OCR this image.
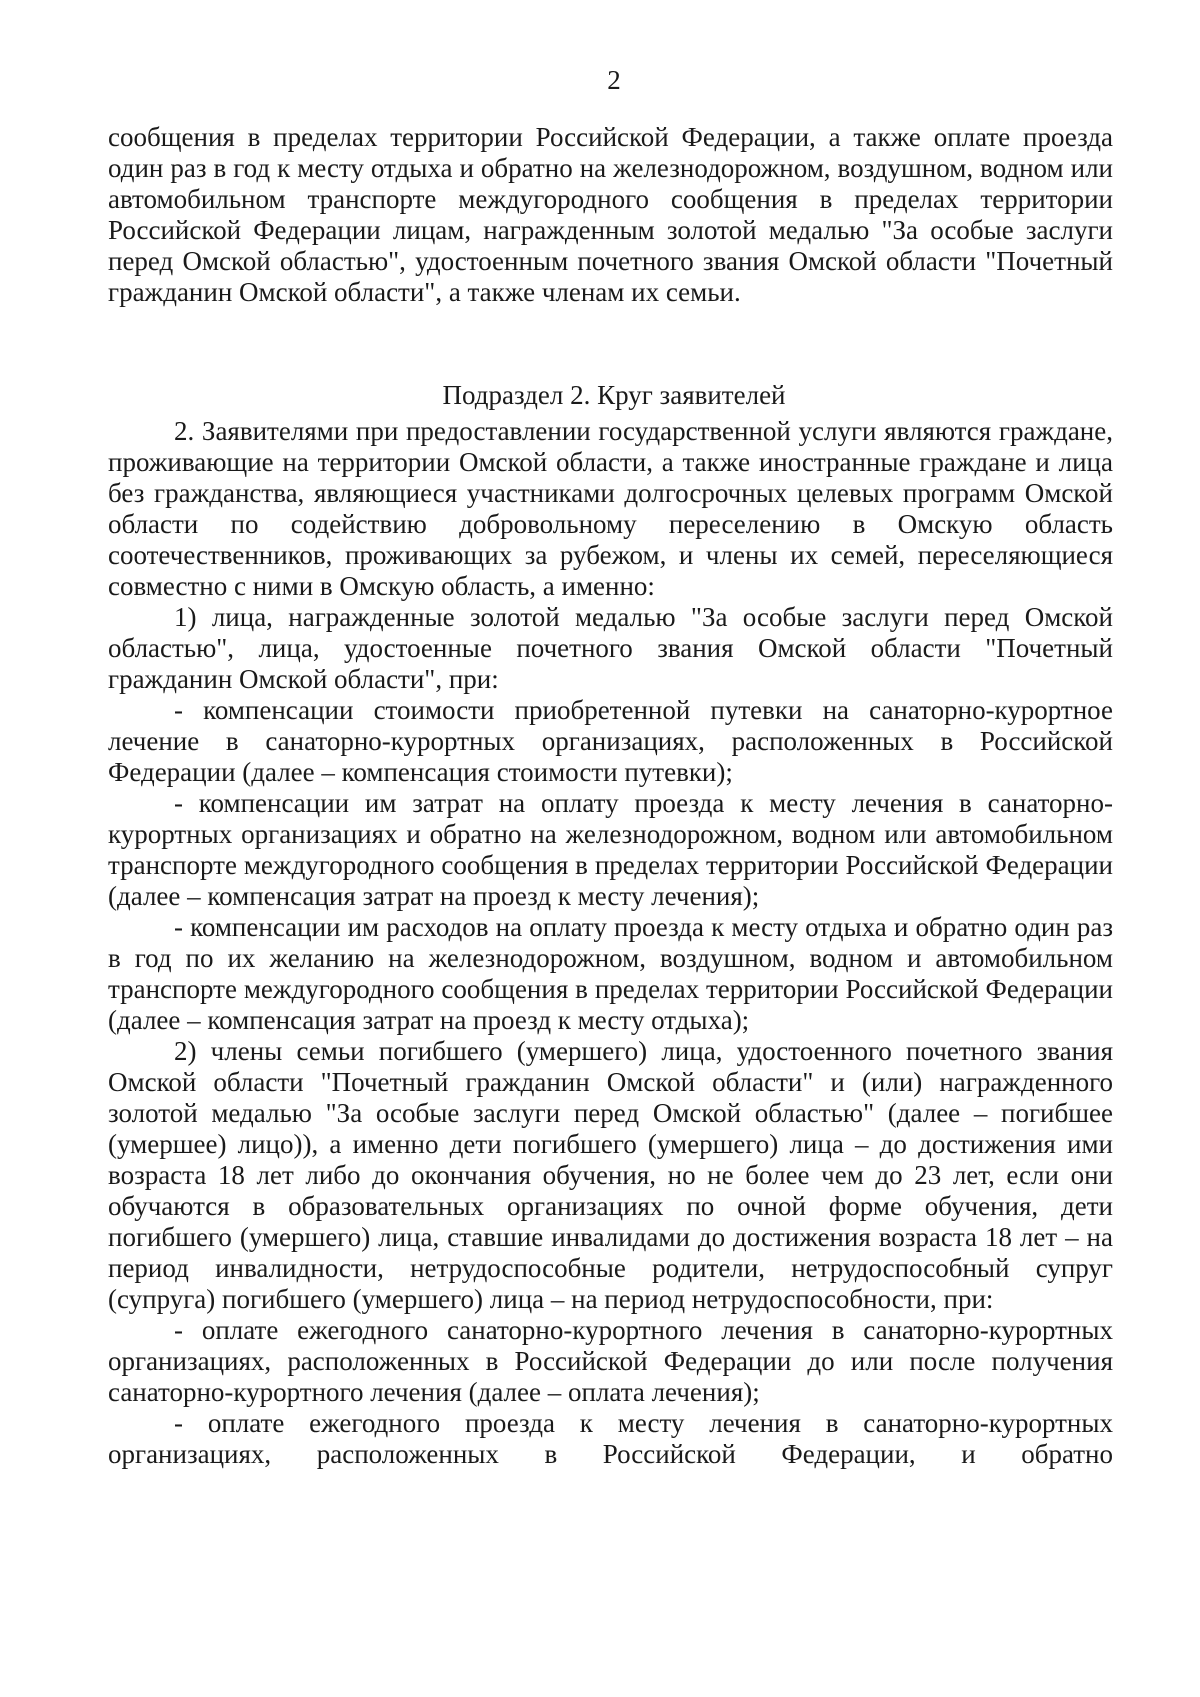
2

сообщения в пределах территории Российской Федерации, а также оплате проезда один раз в год к месту отдыха и обратно на железнодорожном, воздушном, водном или автомобильном транспорте междугородного сообщения в пределах территории Российской Федерации лицам, награжденным золотой медалью "За особые заслуги перед Омской областью", удостоенным почетного звания Омской области "Почетный гражданин Омской области", а также членам их семьи.

Подраздел 2. Круг заявителей

2. Заявителями при предоставлении государственной услуги являются граждане, проживающие на территории Омской области, а также иностранные граждане и лица без гражданства, являющиеся участниками долгосрочных целевых программ Омской области по содействию добровольному переселению в Омскую область соотечественников, проживающих за рубежом, и члены их семей, переселяющиеся совместно с ними в Омскую область, а именно:

1) лица, награжденные золотой медалью "За особые заслуги перед Омской областью", лица, удостоенные почетного звания Омской области "Почетный гражданин Омской области", при:

- компенсации стоимости приобретенной путевки на санаторно-курортное лечение в санаторно-курортных организациях, расположенных в Российской Федерации (далее – компенсация стоимости путевки);

- компенсации им затрат на оплату проезда к месту лечения в санаторно-курортных организациях и обратно на железнодорожном, водном или автомобильном транспорте междугородного сообщения в пределах территории Российской Федерации (далее – компенсация затрат на проезд к месту лечения);

- компенсации им расходов на оплату проезда к месту отдыха и обратно один раз в год по их желанию на железнодорожном, воздушном, водном и автомобильном транспорте междугородного сообщения в пределах территории Российской Федерации (далее – компенсация затрат на проезд к месту отдыха);

2) члены семьи погибшего (умершего) лица, удостоенного почетного звания Омской области "Почетный гражданин Омской области" и (или) награжденного золотой медалью "За особые заслуги перед Омской областью" (далее – погибшее (умершее) лицо)), а именно дети погибшего (умершего) лица – до достижения ими возраста 18 лет либо до окончания обучения, но не более чем до 23 лет, если они обучаются в образовательных организациях по очной форме обучения, дети погибшего (умершего) лица, ставшие инвалидами до достижения возраста 18 лет – на период инвалидности, нетрудоспособные родители, нетрудоспособный супруг (супруга) погибшего (умершего) лица – на период нетрудоспособности, при:

- оплате ежегодного санаторно-курортного лечения в санаторно-курортных организациях, расположенных в Российской Федерации до или после получения санаторно-курортного лечения (далее – оплата лечения);

- оплате ежегодного проезда к месту лечения в санаторно-курортных организациях, расположенных в Российской Федерации, и обратно
